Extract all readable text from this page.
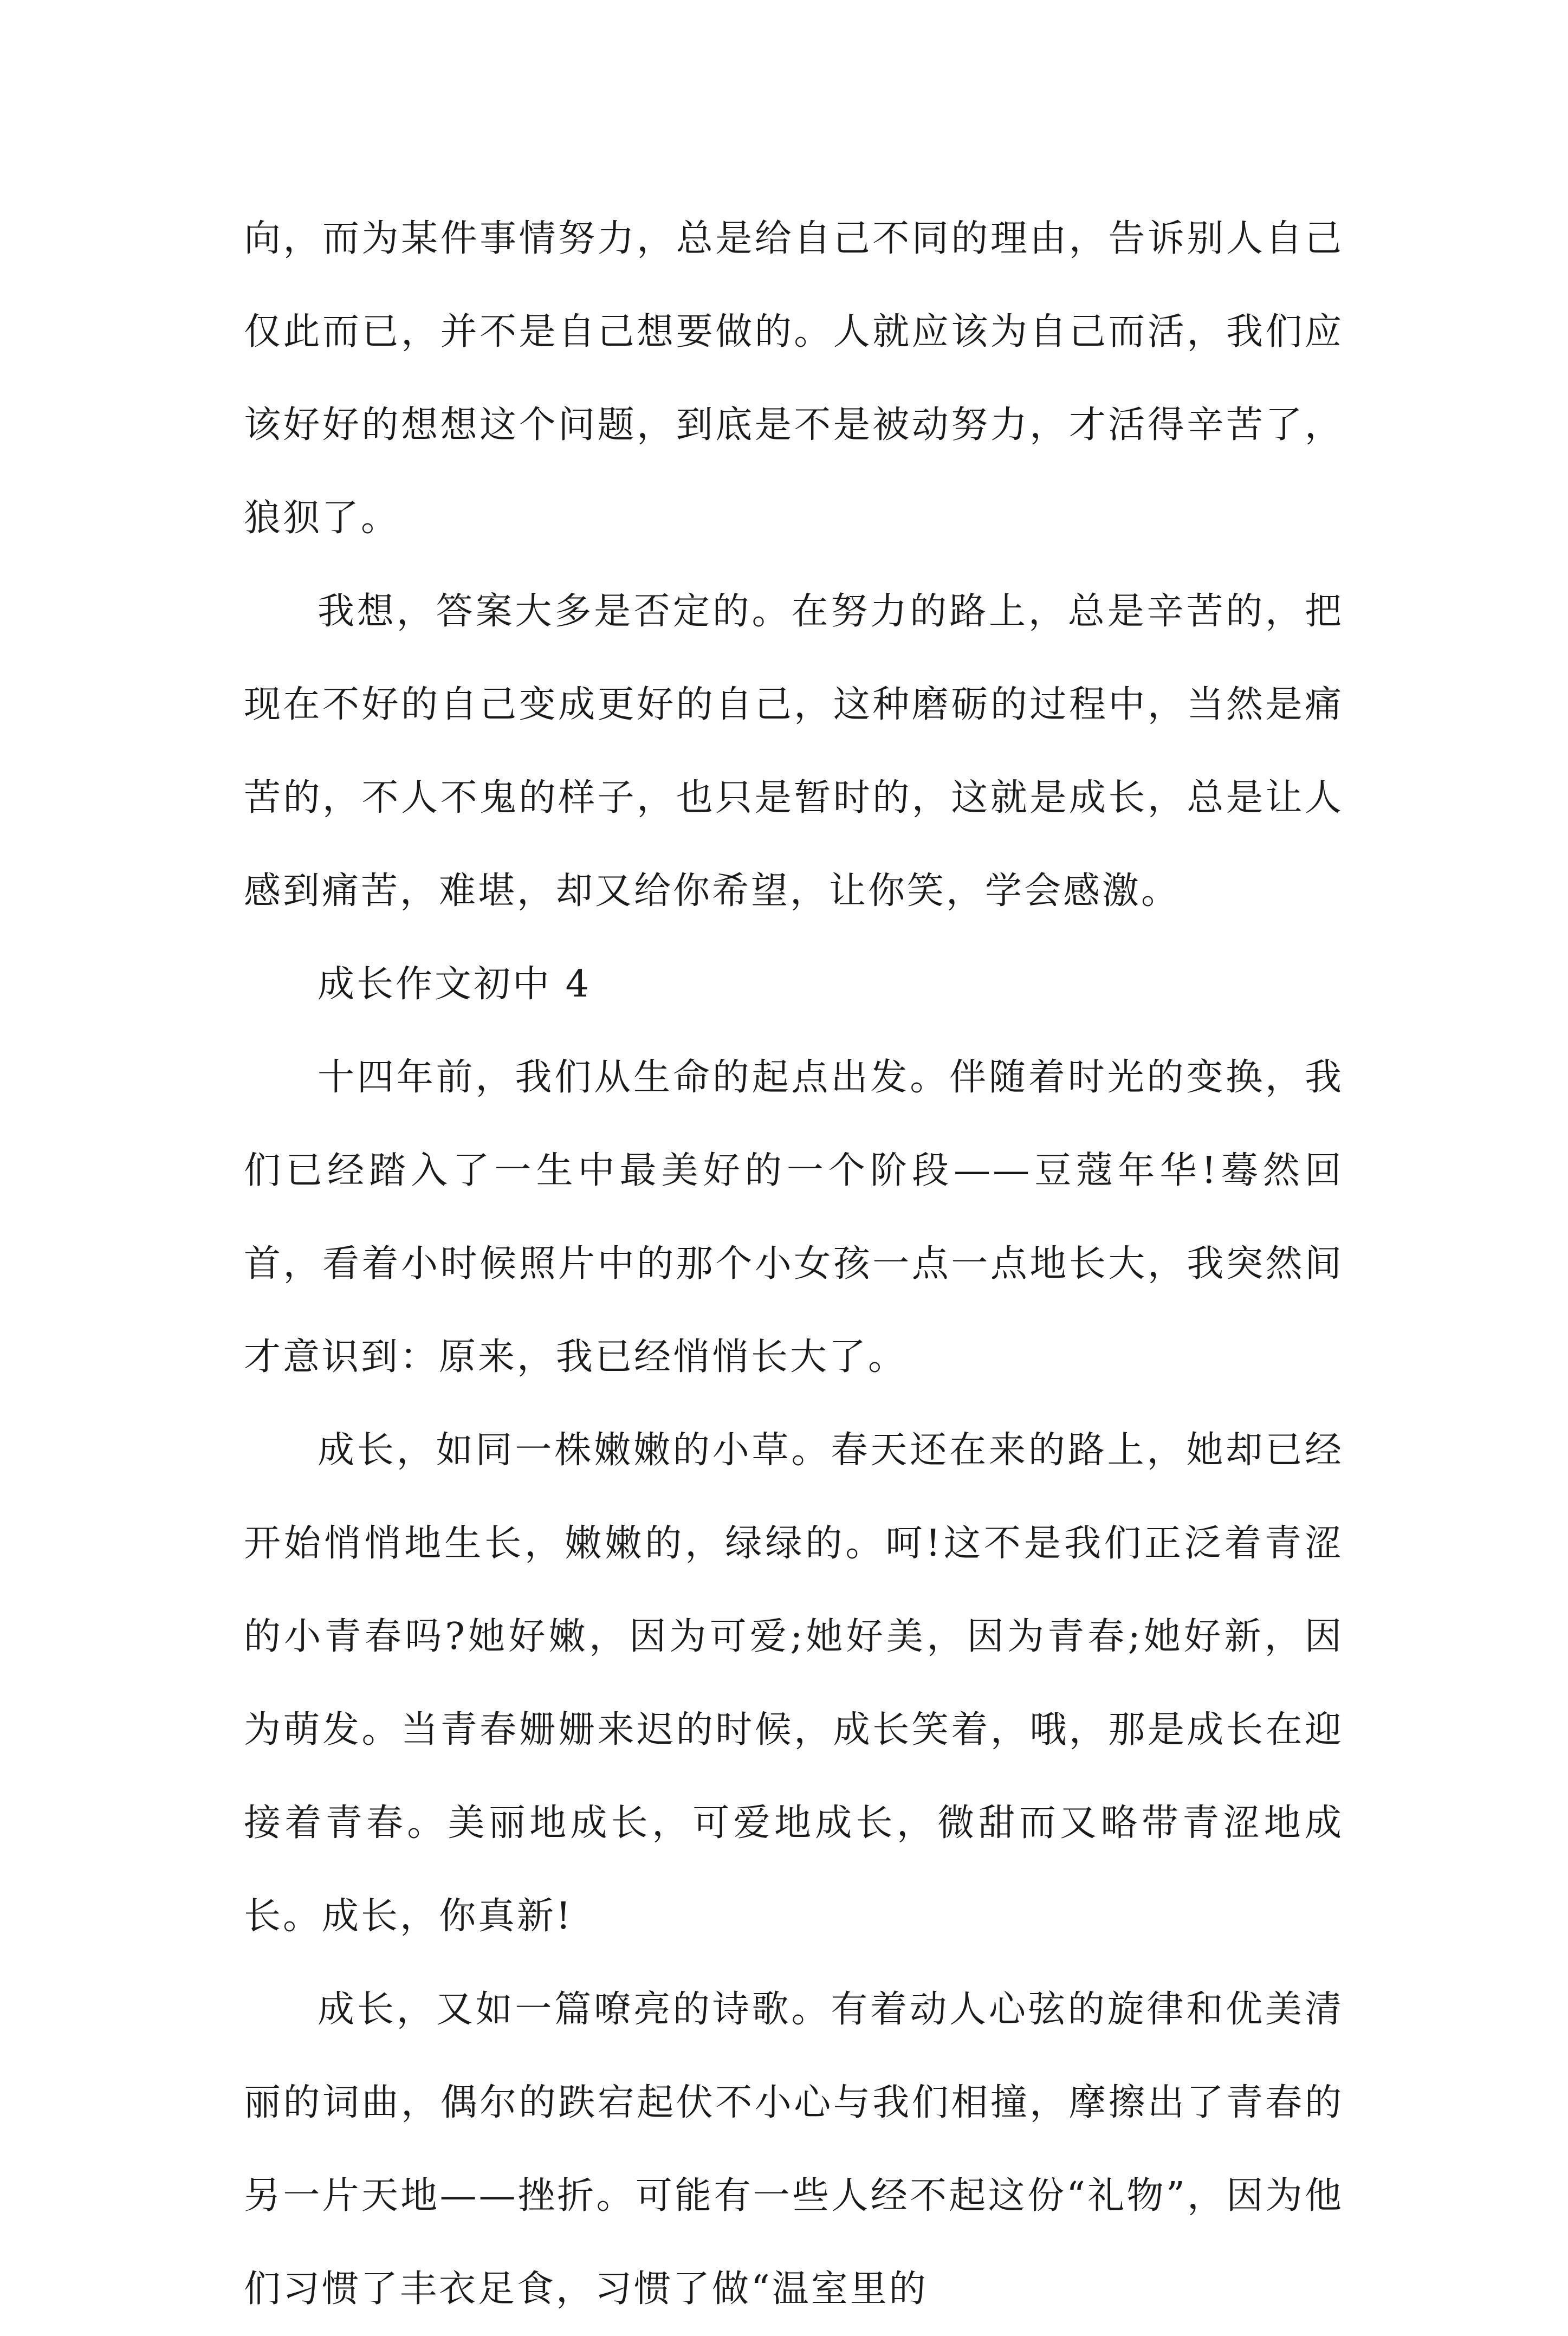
向，而为某件事情努力，总是给自己不同的理由，告诉别人自己仅此而已，并不是自己想要做的。人就应该为自己而活，我们应该好好的想想这个问题，到底是不是被动努力，才活得辛苦了，狼狈了。

我想，答案大多是否定的。在努力的路上，总是辛苦的，把现在不好的自己变成更好的自己，这种磨砺的过程中，当然是痛苦的，不人不鬼的样子，也只是暂时的，这就是成长，总是让人感到痛苦，难堪，却又给你希望，让你笑，学会感激。

成长作文初中 4

十四年前，我们从生命的起点出发。伴随着时光的变换，我们已经踏入了一生中最美好的一个阶段——豆蔻年华!蓦然回首，看着小时候照片中的那个小女孩一点一点地长大，我突然间才意识到：原来，我已经悄悄长大了。

成长，如同一株嫩嫩的小草。春天还在来的路上，她却已经开始悄悄地生长，嫩嫩的，绿绿的。呵!这不是我们正泛着青涩的小青春吗?她好嫩，因为可爱;她好美，因为青春;她好新，因为萌发。当青春姗姗来迟的时候，成长笑着，哦，那是成长在迎接着青春。美丽地成长，可爱地成长，微甜而又略带青涩地成长。成长，你真新!

成长，又如一篇嘹亮的诗歌。有着动人心弦的旋律和优美清丽的词曲，偶尔的跌宕起伏不小心与我们相撞，摩擦出了青春的另一片天地——挫折。可能有一些人经不起这份“礼物”，因为他们习惯了丰衣足食，习惯了做“温室里的
